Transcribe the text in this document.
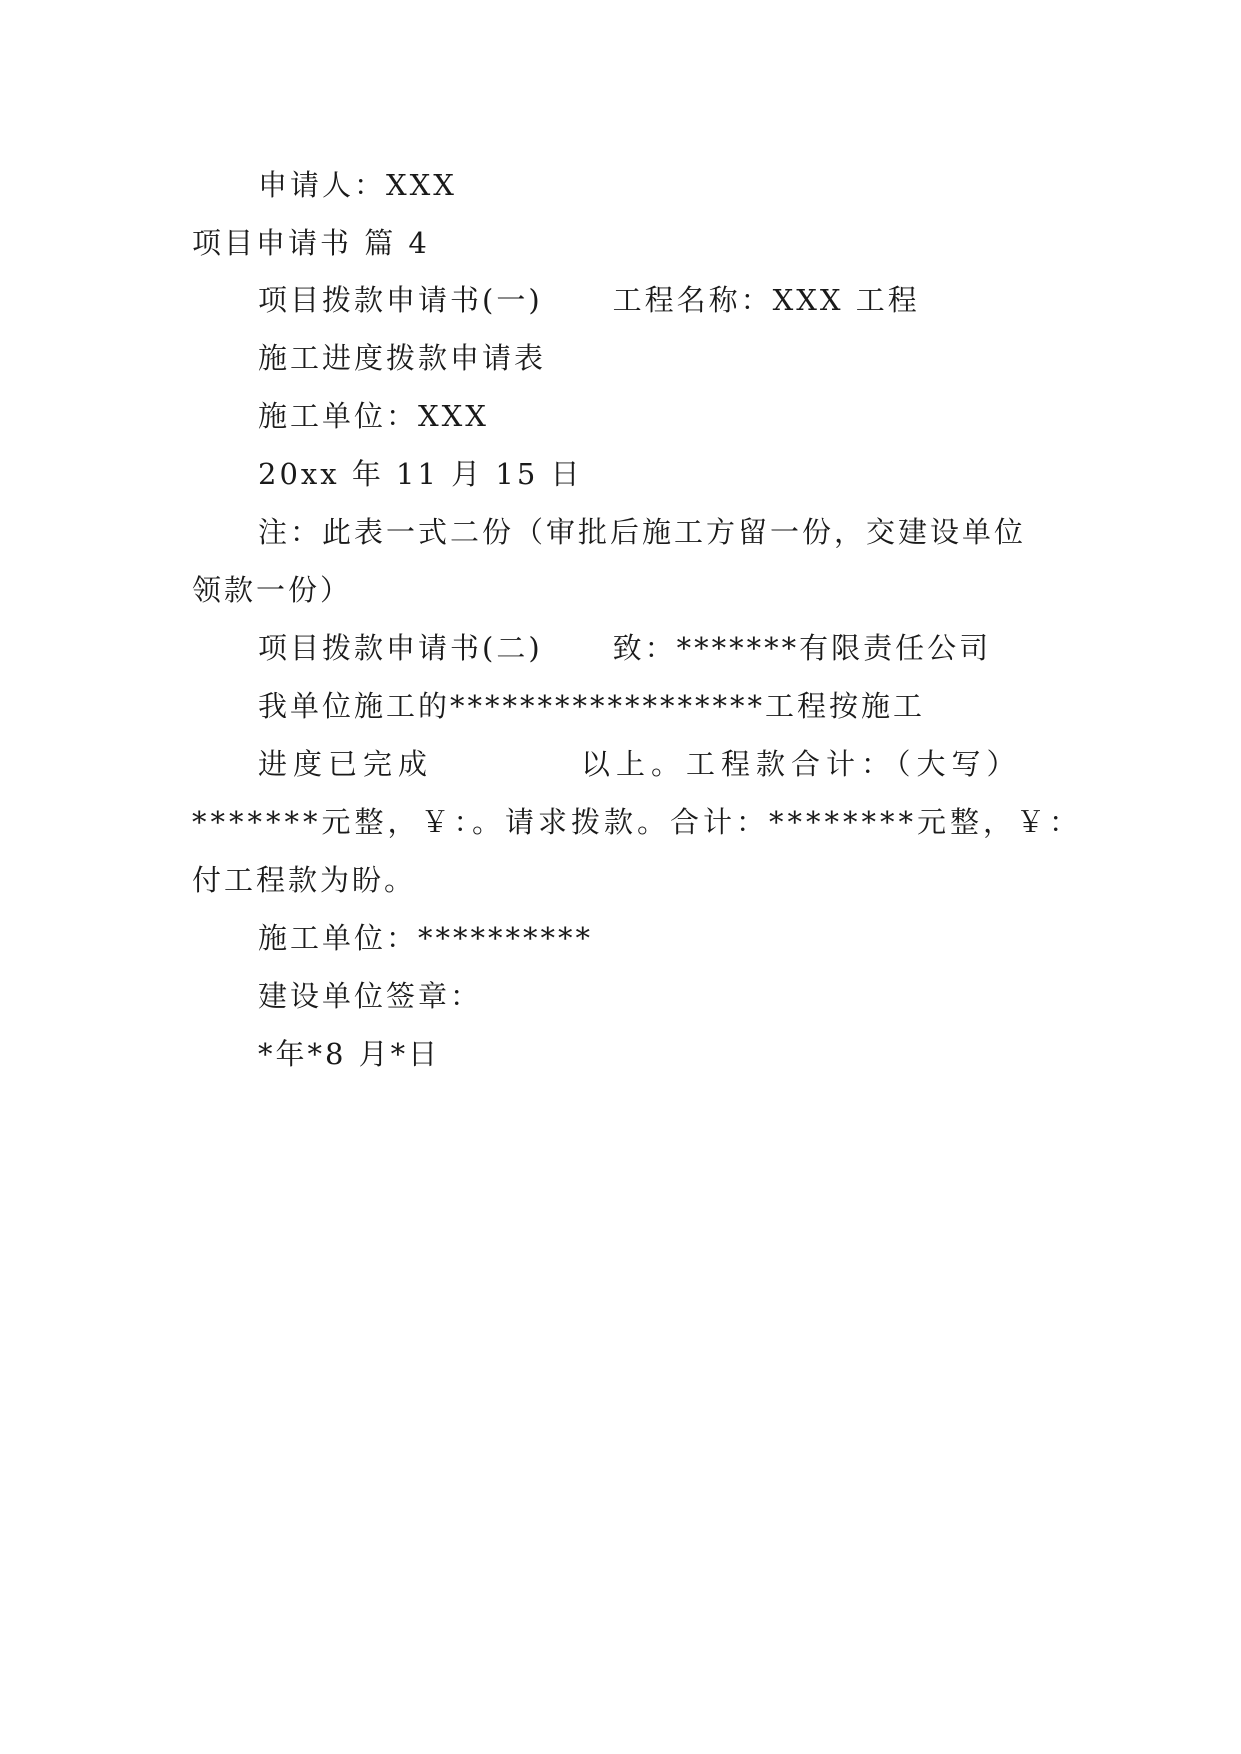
申请人：XXX

项目申请书 篇 4

项目拨款申请书(一) 工程名称：XXX 工程

施工进度拨款申请表

施工单位：XXX

20xx 年 11 月 15 日

注：此表一式二份（审批后施工方留一份，交建设单位

领款一份）

项目拨款申请书(二) 致：*******有限责任公司

我单位施工的******************工程按施工

进度已完成	以上。工程款合计：（大写）

*******元整，￥：。请求拨款。合计：********元整，￥：

付工程款为盼。

施工单位：**********

建设单位签章：

*年*8 月*日
